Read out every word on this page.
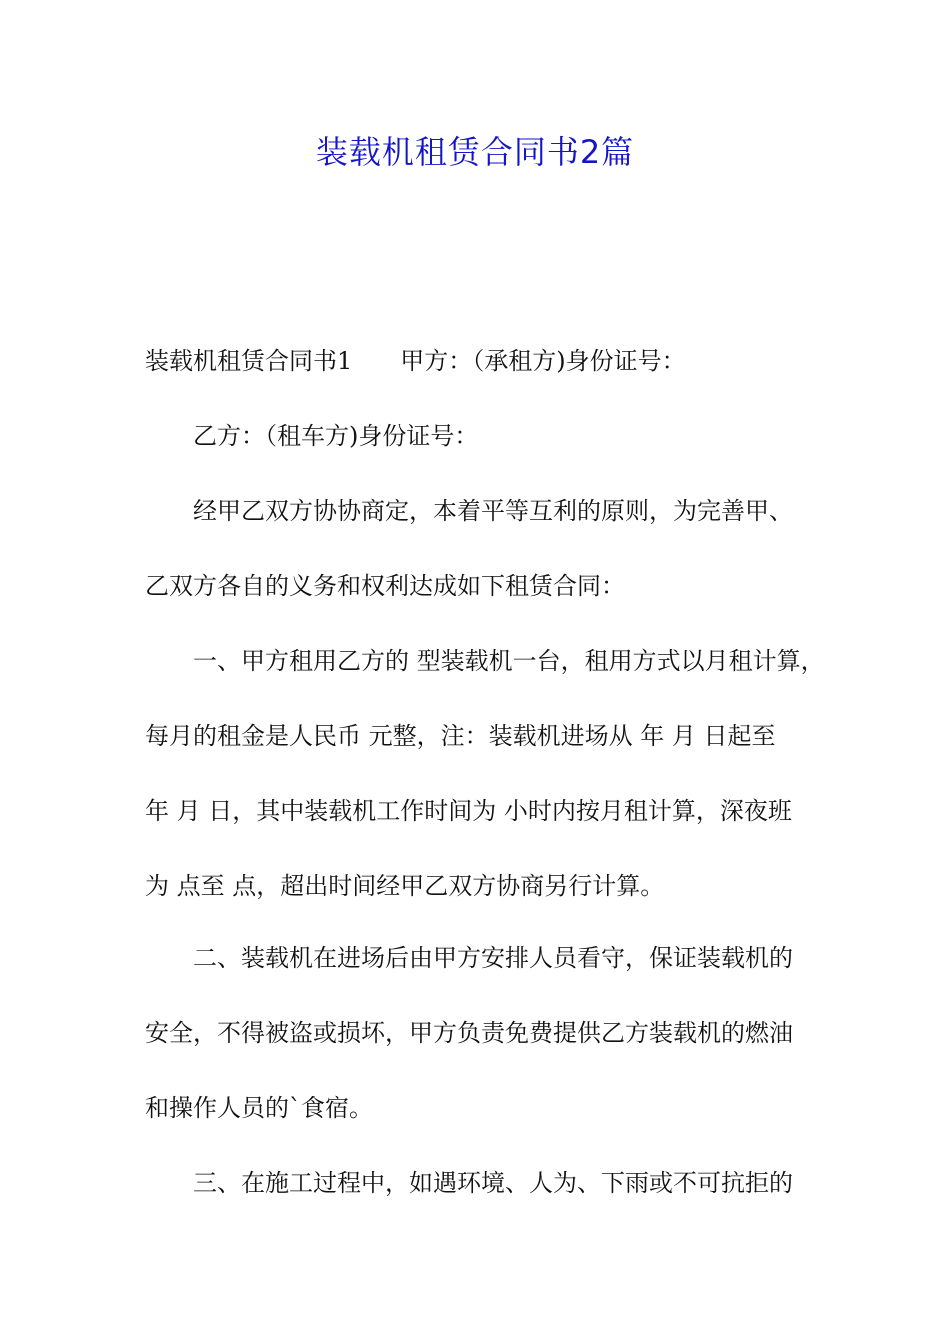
装载机租赁合同书2篇

装载机租赁合同书1　　甲方：（承租方)身份证号：

乙方：（租车方)身份证号：

经甲乙双方协协商定，本着平等互利的原则，为完善甲、

乙双方各自的义务和权利达成如下租赁合同：

一、甲方租用乙方的 型装载机一台，租用方式以月租计算，

每月的租金是人民币 元整，注：装载机进场从 年 月 日起至

年 月 日，其中装载机工作时间为 小时内按月租计算，深夜班

为 点至 点，超出时间经甲乙双方协商另行计算。

二、装载机在进场后由甲方安排人员看守，保证装载机的

安全，不得被盗或损坏，甲方负责免费提供乙方装载机的燃油

和操作人员的`食宿。

三、在施工过程中，如遇环境、人为、下雨或不可抗拒的
